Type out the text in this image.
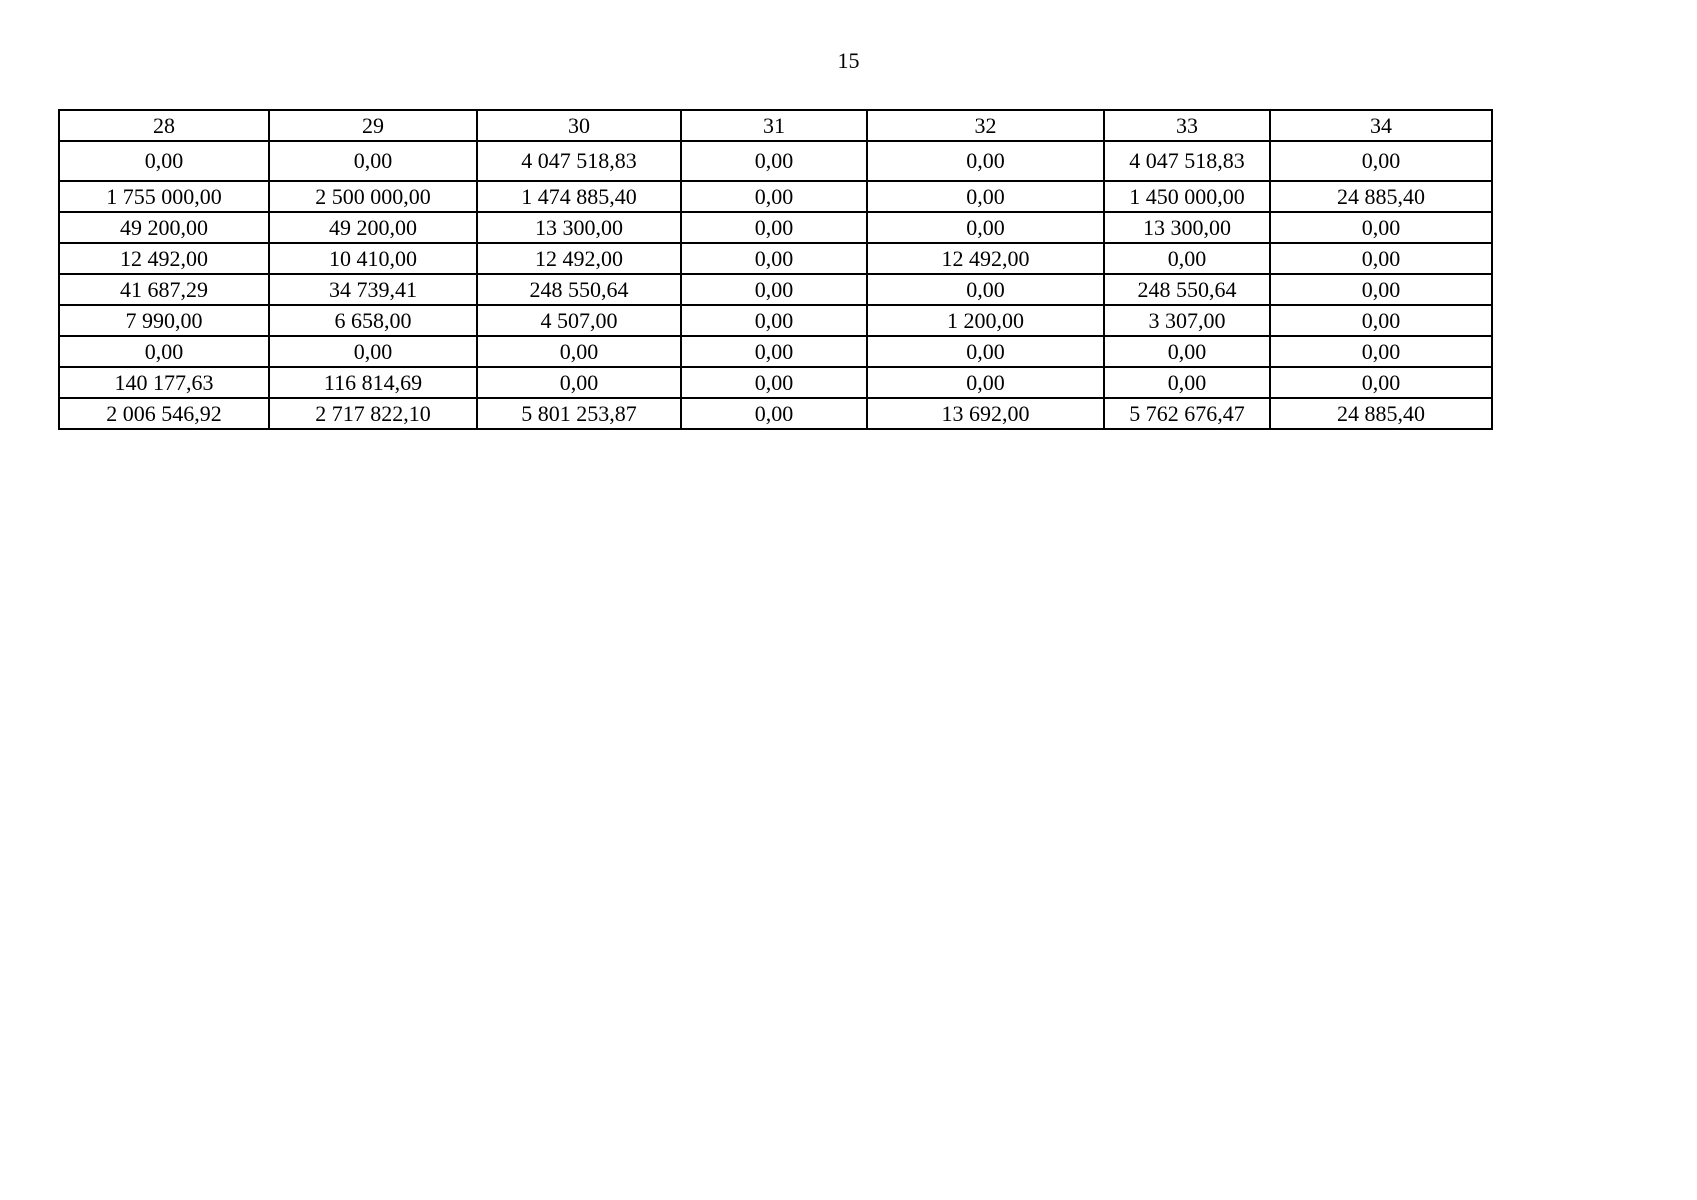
15
28	29	30	31	32	33	34
0,00	0,00	4 047 518,83	0,00	0,00	4 047 518,83	0,00
1 755 000,00	2 500 000,00	1 474 885,40	0,00	0,00	1 450 000,00	24 885,40
49 200,00	49 200,00	13 300,00	0,00	0,00	13 300,00	0,00
12 492,00	10 410,00	12 492,00	0,00	12 492,00	0,00	0,00
41 687,29	34 739,41	248 550,64	0,00	0,00	248 550,64	0,00
7 990,00	6 658,00	4 507,00	0,00	1 200,00	3 307,00	0,00
0,00	0,00	0,00	0,00	0,00	0,00	0,00
140 177,63	116 814,69	0,00	0,00	0,00	0,00	0,00
2 006 546,92	2 717 822,10	5 801 253,87	0,00	13 692,00	5 762 676,47	24 885,40
